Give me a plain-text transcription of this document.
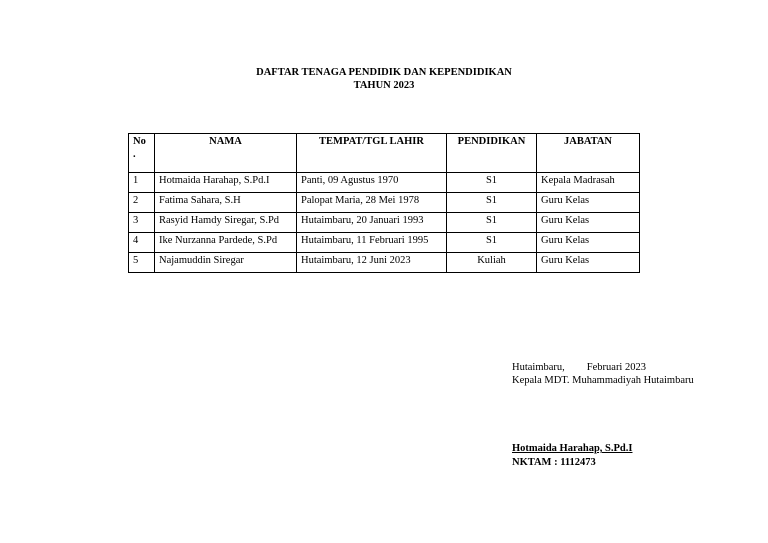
DAFTAR TENAGA PENDIDIK DAN KEPENDIDIKAN
TAHUN 2023
No
.	NAMA	TEMPAT/TGL LAHIR	PENDIDIKAN	JABATAN
1	Hotmaida Harahap, S.Pd.I	Panti, 09 Agustus 1970	S1	Kepala Madrasah
2	Fatima Sahara, S.H	Palopat Maria, 28 Mei 1978	S1	Guru Kelas
3	Rasyid Hamdy Siregar, S.Pd	Hutaimbaru, 20 Januari 1993	S1	Guru Kelas
4	Ike Nurzanna Pardede, S.Pd	Hutaimbaru, 11 Februari 1995	S1	Guru Kelas
5	Najamuddin Siregar	Hutaimbaru, 12 Juni 2023	Kuliah	Guru Kelas
Hutaimbaru, Februari 2023
Kepala MDT. Muhammadiyah Hutaimbaru
Hotmaida Harahap, S.Pd.I
NKTAM : 1112473
